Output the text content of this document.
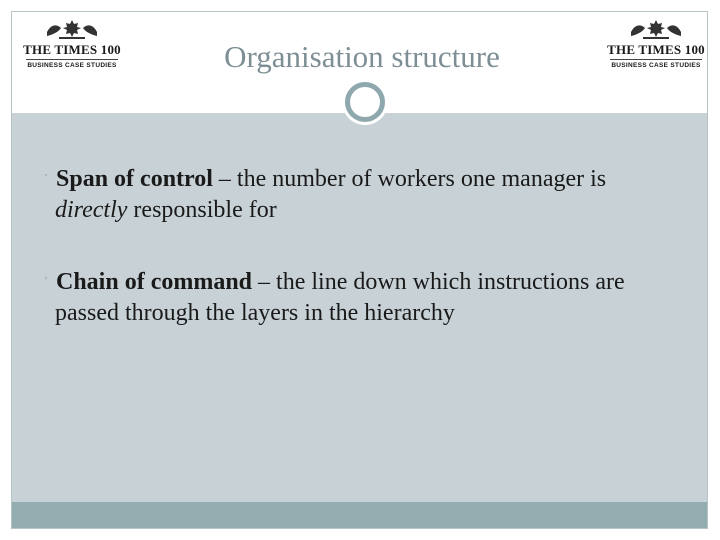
THE TIMES 100
BUSINESS CASE STUDIES	Organisation structure	THE TIMES 100
BUSINESS CASE STUDIES
′ Span of control – the number of workers one manager is directly responsible for
′ Chain of command – the line down which instructions are passed through the layers in the hierarchy
